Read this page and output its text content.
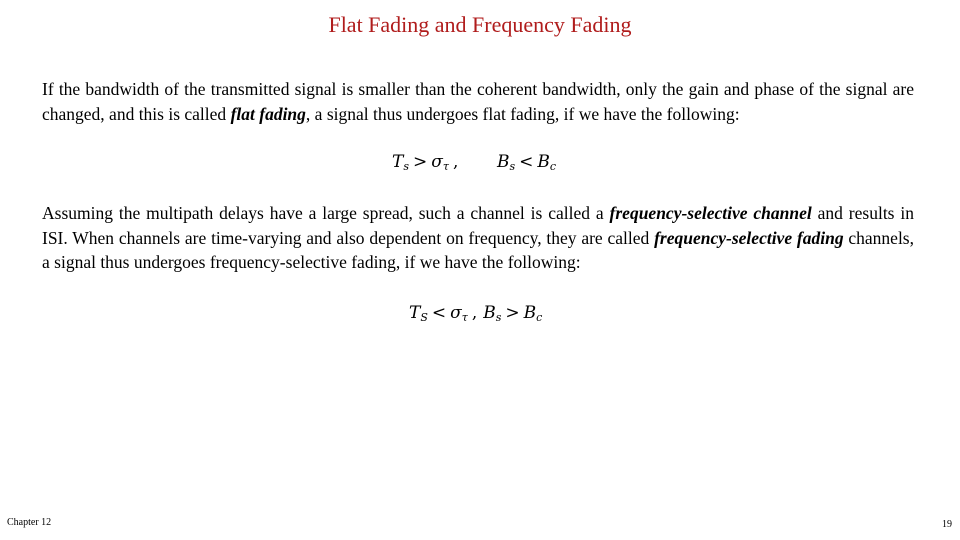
Flat Fading and Frequency Fading
If the bandwidth of the transmitted signal is smaller than the coherent bandwidth, only the gain and phase of the signal are changed, and this is called flat fading, a signal thus undergoes flat fading, if we have the following:
$T_s > \sigma_\tau$ , $B_s < B_c$
Assuming the multipath delays have a large spread, such a channel is called a frequency-selective channel and results in ISI. When channels are time-varying and also dependent on frequency, they are called frequency-selective fading channels, a signal thus undergoes frequency-selective fading, if we have the following:
$T_S < \sigma_\tau$ , $B_s > B_c$
Chapter 12	19
